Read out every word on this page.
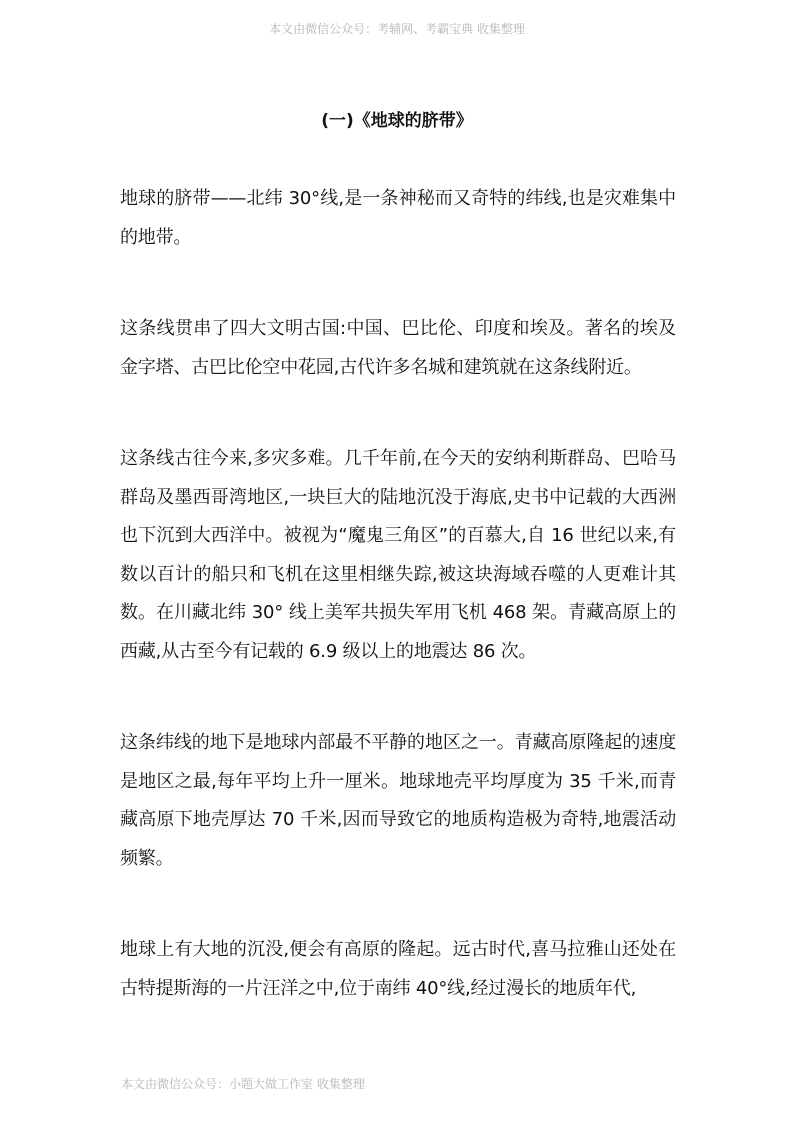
本文由微信公众号：考辅网、考霸宝典 收集整理
(一)《地球的脐带》

地球的脐带——北纬 30°线,是一条神秘而又奇特的纬线,也是灾难集中的地带。

这条线贯串了四大文明古国:中国、巴比伦、印度和埃及。著名的埃及金字塔、古巴比伦空中花园,古代许多名城和建筑就在这条线附近。

这条线古往今来,多灾多难。几千年前,在今天的安纳利斯群岛、巴哈马群岛及墨西哥湾地区,一块巨大的陆地沉没于海底,史书中记载的大西洲也下沉到大西洋中。被视为“魔鬼三角区”的百慕大,自 16 世纪以来,有数以百计的船只和飞机在这里相继失踪,被这块海域吞噬的人更难计其数。在川藏北纬 30° 线上美军共损失军用飞机 468 架。青藏高原上的西藏,从古至今有记载的 6.9 级以上的地震达 86 次。

这条纬线的地下是地球内部最不平静的地区之一。青藏高原隆起的速度是地区之最,每年平均上升一厘米。地球地壳平均厚度为 35 千米,而青藏高原下地壳厚达 70 千米,因而导致它的地质构造极为奇特,地震活动频繁。

地球上有大地的沉没,便会有高原的隆起。远古时代,喜马拉雅山还处在古特提斯海的一片汪洋之中,位于南纬 40°线,经过漫长的地质年代,

本文由微信公众号：小题大做工作室 收集整理
